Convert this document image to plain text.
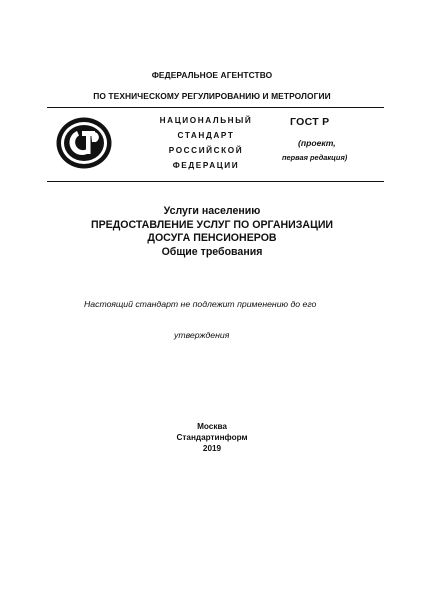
ФЕДЕРАЛЬНОЕ АГЕНТСТВО
ПО ТЕХНИЧЕСКОМУ РЕГУЛИРОВАНИЮ И МЕТРОЛОГИИ
НАЦИОНАЛЬНЫЙ
СТАНДАРТ
РОССИЙСКОЙ
ФЕДЕРАЦИИ
ГОСТ Р
(проект,
первая редакция)
Услуги населению
ПРЕДОСТАВЛЕНИЕ УСЛУГ ПО ОРГАНИЗАЦИИ
ДОСУГА ПЕНСИОНЕРОВ
Общие требования
Настоящий стандарт не подлежит применению до его
утверждения
Москва
Стандартинформ
2019
